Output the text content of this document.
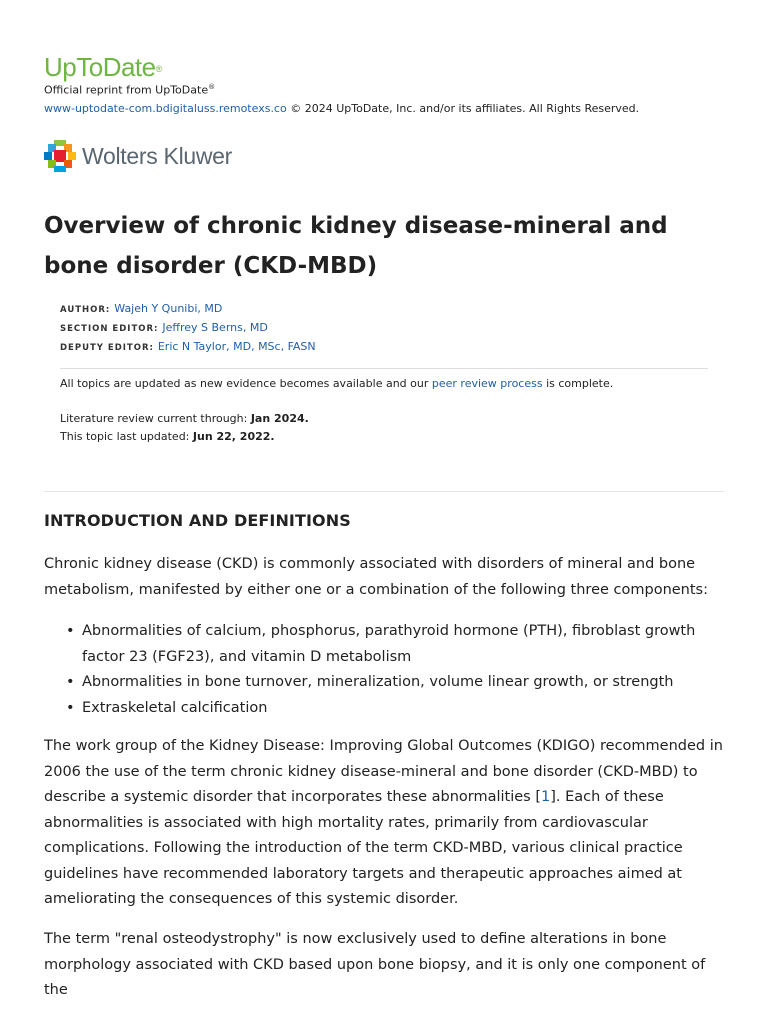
UpToDate®
Official reprint from UpToDate®
www-uptodate-com.bdigitaluss.remotexs.co © 2024 UpToDate, Inc. and/or its affiliates. All Rights Reserved.
Wolters Kluwer
Overview of chronic kidney disease-mineral and bone disorder (CKD-MBD)
AUTHOR: Wajeh Y Qunibi, MD
SECTION EDITOR: Jeffrey S Berns, MD
DEPUTY EDITOR: Eric N Taylor, MD, MSc, FASN
All topics are updated as new evidence becomes available and our peer review process is complete.
Literature review current through: Jan 2024.
This topic last updated: Jun 22, 2022.
INTRODUCTION AND DEFINITIONS

Chronic kidney disease (CKD) is commonly associated with disorders of mineral and bone metabolism, manifested by either one or a combination of the following three components:

• Abnormalities of calcium, phosphorus, parathyroid hormone (PTH), fibroblast growth factor 23 (FGF23), and vitamin D metabolism
• Abnormalities in bone turnover, mineralization, volume linear growth, or strength
• Extraskeletal calcification

The work group of the Kidney Disease: Improving Global Outcomes (KDIGO) recommended in 2006 the use of the term chronic kidney disease-mineral and bone disorder (CKD-MBD) to describe a systemic disorder that incorporates these abnormalities [1]. Each of these abnormalities is associated with high mortality rates, primarily from cardiovascular complications. Following the introduction of the term CKD-MBD, various clinical practice guidelines have recommended laboratory targets and therapeutic approaches aimed at ameliorating the consequences of this systemic disorder.

The term "renal osteodystrophy" is now exclusively used to define alterations in bone morphology associated with CKD based upon bone biopsy, and it is only one component of the
